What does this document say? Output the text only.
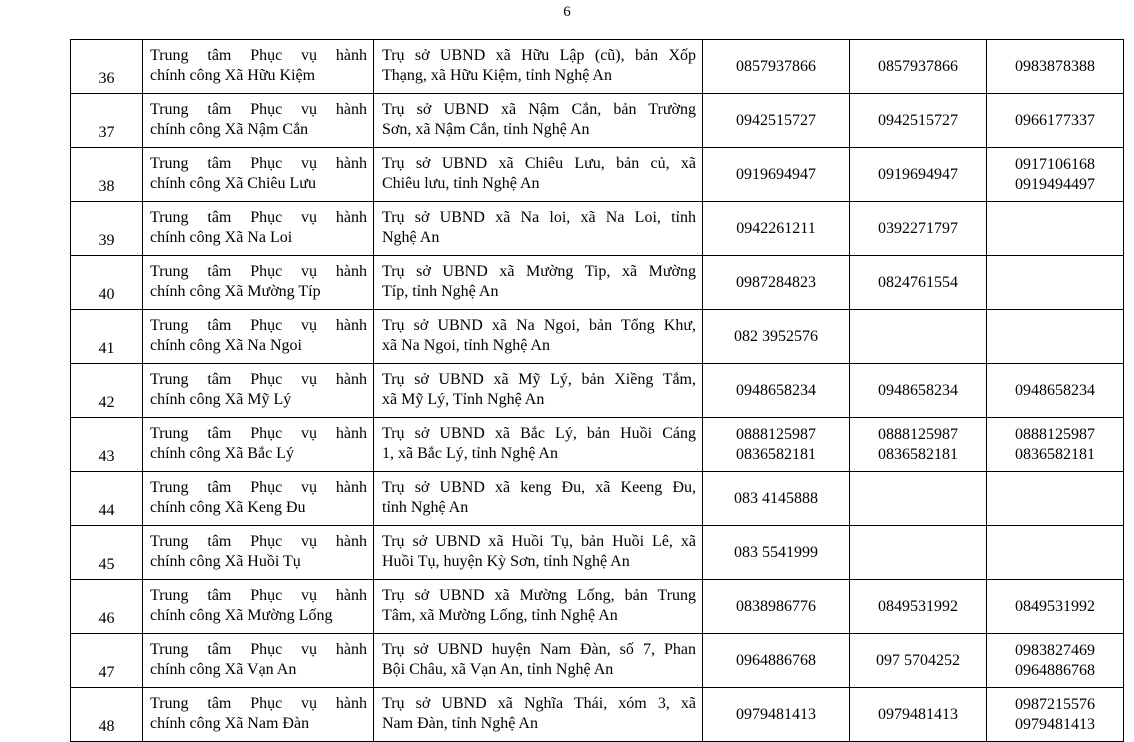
6
36	Trung tâm Phục vụ hành
chính công Xã Hữu Kiệm	Trụ sở UBND xã Hữu Lập (cũ), bản Xốp
Thạng, xã Hữu Kiệm, tỉnh Nghệ An	0857937866	0857937866	0983878388

37	Trung tâm Phục vụ hành
chính công Xã Nậm Cắn	Trụ sở UBND xã Nậm Cắn, bản Trường
Sơn, xã Nậm Cắn, tỉnh Nghệ An	0942515727	0942515727	0966177337

38	Trung tâm Phục vụ hành
chính công Xã Chiêu Lưu	Trụ sở UBND xã Chiêu Lưu, bản củ, xã
Chiêu lưu, tỉnh Nghệ An	0919694947	0919694947	0917106168
0919494497

39	Trung tâm Phục vụ hành
chính công Xã Na Loi	Trụ sở UBND xã Na loi, xã Na Loi, tỉnh
Nghệ An	0942261211	0392271797	

40	Trung tâm Phục vụ hành
chính công Xã Mường Típ	Trụ sở UBND xã Mường Tip, xã Mường
Típ, tỉnh Nghệ An	0987284823	0824761554	

41	Trung tâm Phục vụ hành
chính công Xã Na Ngoi	Trụ sở UBND xã Na Ngoi, bản Tổng Khư,
xã Na Ngoi, tỉnh Nghệ An	082 3952576		

42	Trung tâm Phục vụ hành
chính công Xã Mỹ Lý	Trụ sở UBND xã Mỹ Lý, bản Xiềng Tắm,
xã Mỹ Lý, Tỉnh Nghệ An	0948658234	0948658234	0948658234

43	Trung tâm Phục vụ hành
chính công Xã Bắc Lý	Trụ sở UBND xã Bắc Lý, bản Huồi Cáng
1, xã Bắc Lý, tỉnh Nghệ An	0888125987
0836582181	0888125987
0836582181	0888125987
0836582181

44	Trung tâm Phục vụ hành
chính công Xã Keng Đu	Trụ sở UBND xã keng Đu, xã Keeng Đu,
tỉnh Nghệ An	083 4145888		

45	Trung tâm Phục vụ hành
chính công Xã Huồi Tụ	Trụ sở UBND xã Huồi Tụ, bản Huồi Lê, xã
Huồi Tụ, huyện Kỳ Sơn, tỉnh Nghệ An	083 5541999		

46	Trung tâm Phục vụ hành
chính công Xã Mường Lống	Trụ sở UBND xã Mường Lống, bản Trung
Tâm, xã Mường Lống, tỉnh Nghệ An	0838986776	0849531992	0849531992

47	Trung tâm Phục vụ hành
chính công Xã Vạn An	Trụ sở UBND huyện Nam Đàn, số 7, Phan
Bội Châu, xã Vạn An, tỉnh Nghệ An	0964886768	097 5704252	0983827469
0964886768

48	Trung tâm Phục vụ hành
chính công Xã Nam Đàn	Trụ sở UBND xã Nghĩa Thái, xóm 3, xã
Nam Đàn, tỉnh Nghệ An	0979481413	0979481413	0987215576
0979481413
